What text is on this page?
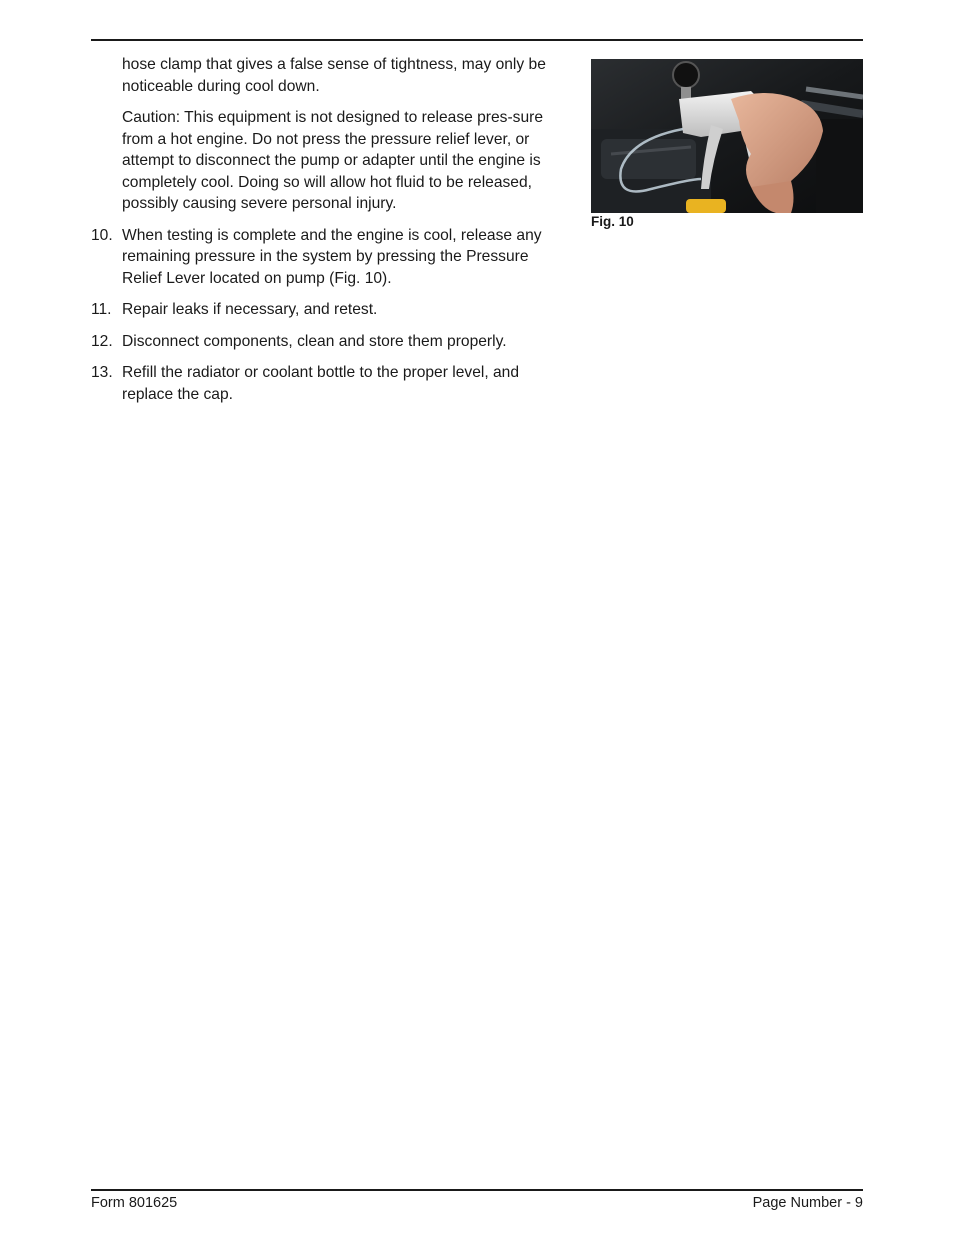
hose clamp that gives a false sense of tightness, may only be noticeable during cool down.

Caution: This equipment is not designed to release pres-sure from a hot engine. Do not press the pressure relief lever, or attempt to disconnect the pump or adapter until the engine is completely cool. Doing so will allow hot fluid to be released, possibly causing severe personal injury.

10. When testing is complete and the engine is cool, release any remaining pressure in the system by pressing the Pressure Relief Lever located on pump (Fig. 10).
11. Repair leaks if necessary, and retest.
12. Disconnect components, clean and store them properly.
13. Refill the radiator or coolant bottle to the proper level, and replace the cap.
Fig. 10
Form 801625	Page Number - 9
